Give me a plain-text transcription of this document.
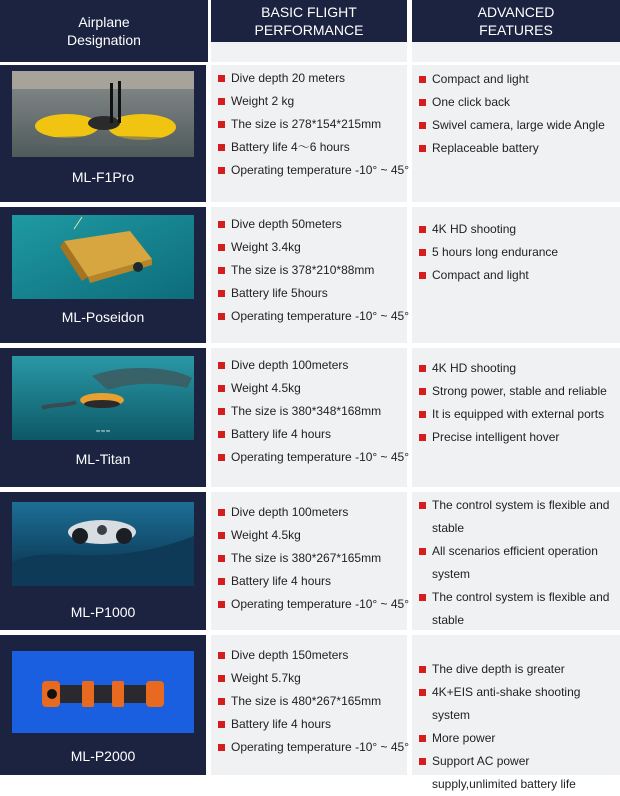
Airplane
Designation
BASIC FLIGHT
PERFORMANCE
ADVANCED
FEATURES
ML-F1Pro
Dive depth 20 meters
Weight 2 kg
The size is 278*154*215mm
Battery life 4～6 hours
Operating temperature -10° ~ 45°
Compact and light
One click back
Swivel camera, large wide Angle
Replaceable battery
ML-Poseidon
Dive depth 50meters
Weight 3.4kg
The size is 378*210*88mm
Battery life 5hours
Operating temperature -10° ~ 45°
4K HD shooting
5 hours long endurance
Compact and light
≈≈≈
ML-Titan
Dive depth 100meters
Weight 4.5kg
The size is 380*348*168mm
Battery life 4 hours
Operating temperature -10° ~ 45°
4K HD shooting
Strong power, stable and reliable
It is equipped with external ports
Precise intelligent hover
ML-P1000
Dive depth 100meters
Weight 4.5kg
The size is 380*267*165mm
Battery life 4 hours
Operating temperature -10° ~ 45°
The control system is flexible and stable
All scenarios efficient operation system
The control system is flexible and stable
ML-P2000
Dive depth 150meters
Weight 5.7kg
The size is 480*267*165mm
Battery life 4 hours
Operating temperature -10° ~ 45°
The dive depth is greater
4K+EIS anti-shake shooting system
More power
Support AC power supply,unlimited battery life
